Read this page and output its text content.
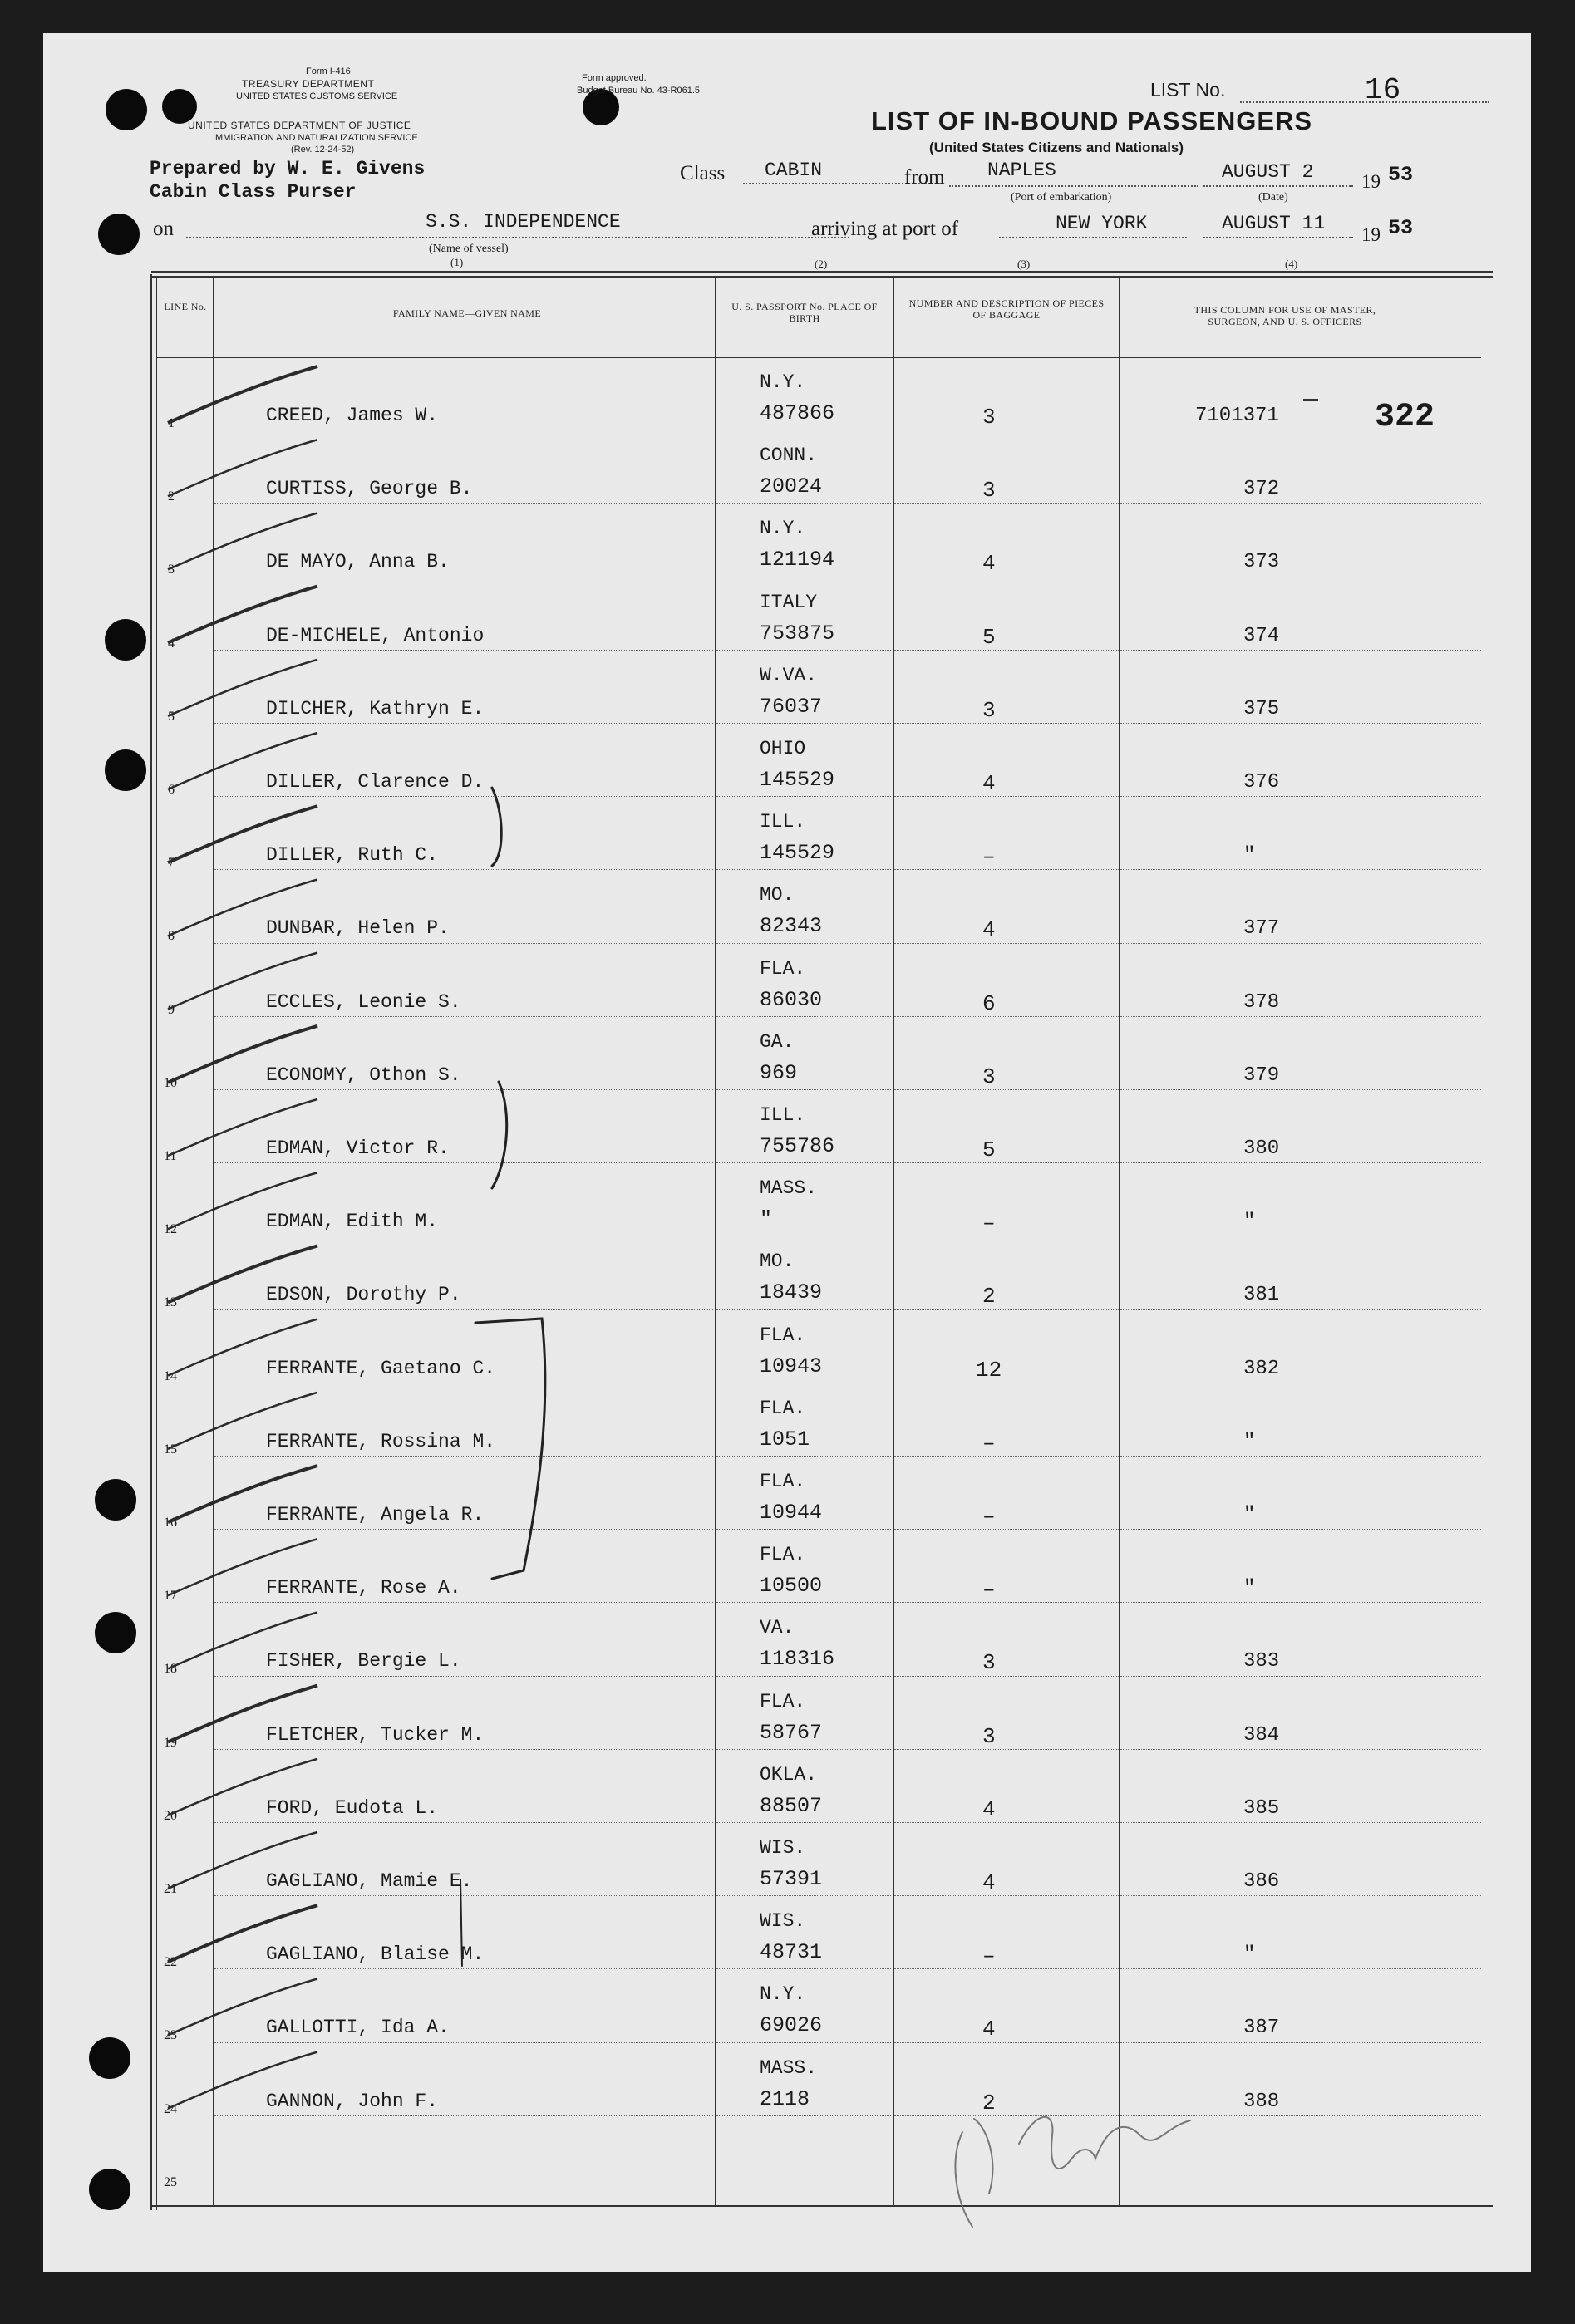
Form I-416
TREASURY DEPARTMENT
UNITED STATES CUSTOMS SERVICE
UNITED STATES DEPARTMENT OF JUSTICE
IMMIGRATION AND NATURALIZATION SERVICE
(Rev. 12-24-52)
Form approved.
Budget Bureau No. 43-R061.5.	LIST No.	16
LIST OF IN-BOUND PASSENGERS
(United States Citizens and Nationals)
Prepared by W. E. Givens
Cabin Class Purser
Class CABIN	from NAPLES
(Port of embarkation)
AUGUST 2
(Date)
19 53
on	S.S. INDEPENDENCE
(Name of vessel)
(1)
arriving at port of	NEW YORK	AUGUST 11
19 53
(2)	(3)	(4)
LINE No.
FAMILY NAME—GIVEN NAME
U. S. PASSPORT No. PLACE OF BIRTH
NUMBER AND DESCRIPTION OF PIECES OF BAGGAGE	THIS COLUMN FOR USE OF MASTER, SURGEON, AND U. S. OFFICERS
1	CREED, James W.
N.Y.
487866	3	7101371
2	CURTISS, George B.
CONN.
20024	3	372
3	DE MAYO, Anna B.
N.Y.
121194	4	373
4	DE-MICHELE, Antonio
ITALY
753875	5	374
5	DILCHER, Kathryn E.
W.VA.
76037	3	375
6	DILLER, Clarence D.
OHIO
145529	4	376
7	DILLER, Ruth C.
ILL.
145529	–	"
8	DUNBAR, Helen P.
MO.
82343	4	377
9	ECCLES, Leonie S.
FLA.
86030	6	378
10	ECONOMY, Othon S.
GA.
969	3	379
11	EDMAN, Victor R.
ILL.
755786	5	380
12	EDMAN, Edith M.
MASS.
"	–	"
13	EDSON, Dorothy P.
MO.
18439	2	381
14	FERRANTE, Gaetano C.
FLA.
10943	12	382
15	FERRANTE, Rossina M.
FLA.
1051	–	"
16	FERRANTE, Angela R.
FLA.
10944	–	"
17	FERRANTE, Rose A.
FLA.
10500	–	"
18	FISHER, Bergie L.
VA.
118316	3	383
19	FLETCHER, Tucker M.
FLA.
58767	3	384
20	FORD, Eudota L.
OKLA.
88507	4	385
21	GAGLIANO, Mamie E.
WIS.
57391	4	386
22	GAGLIANO, Blaise M.
WIS.
48731	–	"
23	GALLOTTI, Ida A.
N.Y.
69026	4	387
24	GANNON, John F.
MASS.
2118	2	388
25
322
